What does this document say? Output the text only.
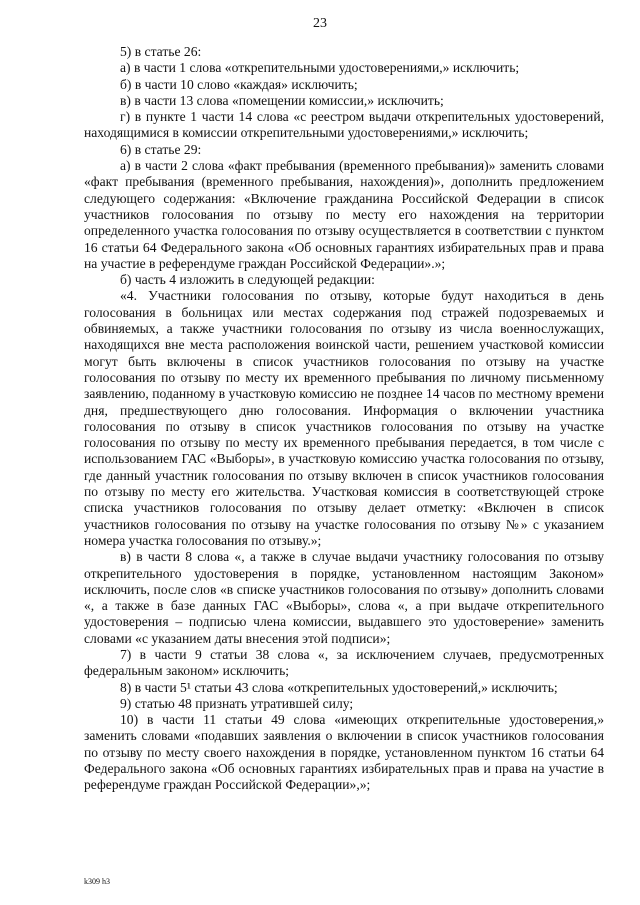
23

5) в статье 26:

а) в части 1 слова «открепительными удостоверениями,» исключить;

б) в части 10 слово «каждая» исключить;

в) в части 13 слова «помещении комиссии,» исключить;

г) в пункте 1 части 14 слова «с реестром выдачи открепительных удостоверений, находящимися в комиссии открепительными удостоверениями,» исключить;

6) в статье 29:

а) в части 2 слова «факт пребывания (временного пребывания)» заменить словами «факт пребывания (временного пребывания, нахождения)», дополнить предложением следующего содержания: «Включение гражданина Российской Федерации в список участников голосования по отзыву по месту его нахождения на территории определенного участка голосования по отзыву осуществляется в соответствии с пунктом 16 статьи 64 Федерального закона «Об основных гарантиях избирательных прав и права на участие в референдуме граждан Российской Федерации».»;

б) часть 4 изложить в следующей редакции:

«4. Участники голосования по отзыву, которые будут находиться в день голосования в больницах или местах содержания под стражей подозреваемых и обвиняемых, а также участники голосования по отзыву из числа военнослужащих, находящихся вне места расположения воинской части, решением участковой комиссии могут быть включены в список участников голосования по отзыву на участке голосования по отзыву по месту их временного пребывания по личному письменному заявлению, поданному в участковую комиссию не позднее 14 часов по местному времени дня, предшествующего дню голосования. Информация о включении участника голосования по отзыву в список участников голосования по отзыву на участке голосования по отзыву по месту их временного пребывания передается, в том числе с использованием ГАС «Выборы», в участковую комиссию участка голосования по отзыву, где данный участник голосования по отзыву включен в список участников голосования по отзыву по месту его жительства. Участковая комиссия в соответствующей строке списка участников голосования по отзыву делает отметку: «Включен в список участников голосования по отзыву на участке голосования по отзыву №» с указанием номера участка голосования по отзыву.»;

в) в части 8 слова «, а также в случае выдачи участнику голосования по отзыву открепительного удостоверения в порядке, установленном настоящим Законом» исключить, после слов «в списке участников голосования по отзыву» дополнить словами «, а также в базе данных ГАС «Выборы», слова «, а при выдаче открепительного удостоверения – подписью члена комиссии, выдавшего это удостоверение» заменить словами «с указанием даты внесения этой подписи»;

7) в части 9 статьи 38 слова «, за исключением случаев, предусмотренных федеральным законом» исключить;

8) в части 5¹ статьи 43 слова «открепительных удостоверений,» исключить;

9) статью 48 признать утратившей силу;

10) в части 11 статьи 49 слова «имеющих открепительные удостоверения,» заменить словами «подавших заявления о включении в список участников голосования по отзыву по месту своего нахождения в порядке, установленном пунктом 16 статьи 64 Федерального закона «Об основных гарантиях избирательных прав и права на участие в референдуме граждан Российской Федерации»,»;

k309 h3
